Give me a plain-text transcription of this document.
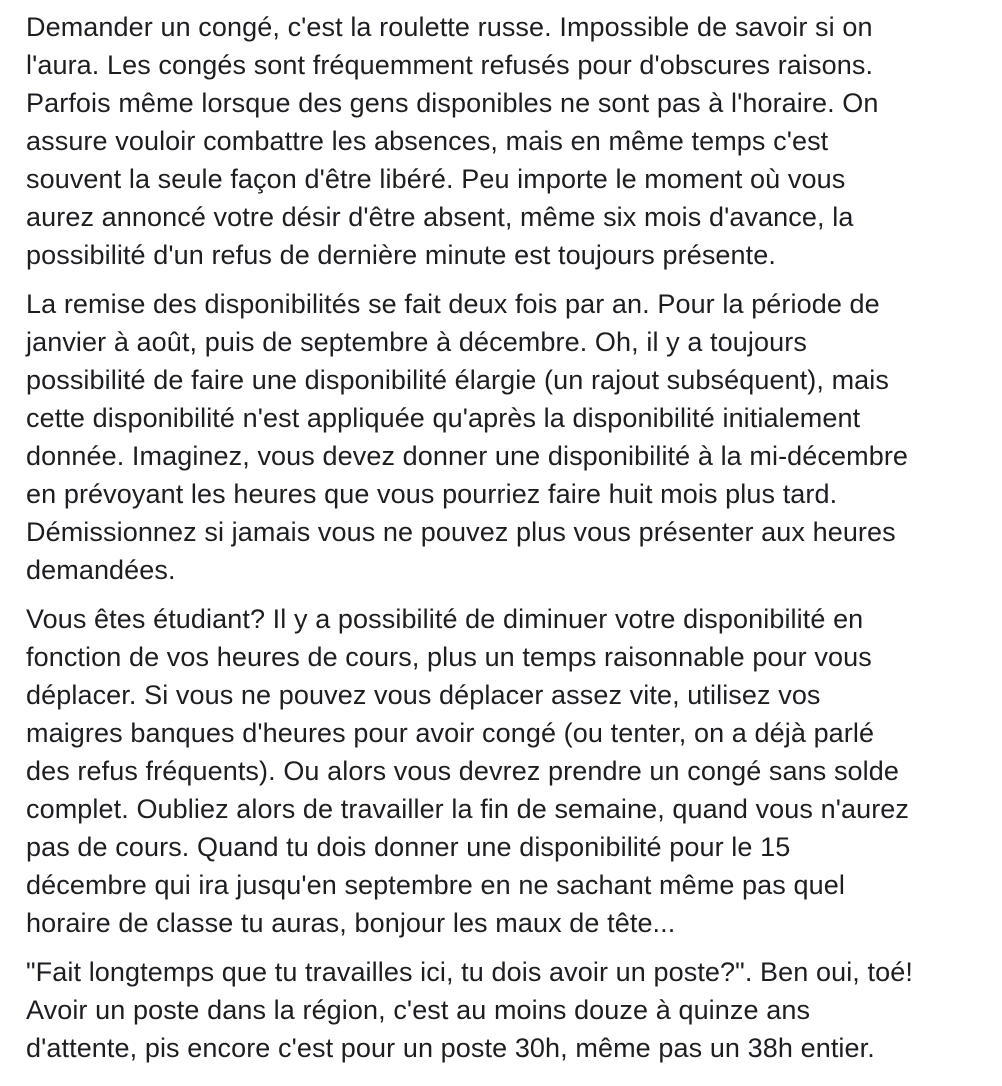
Demander un congé, c'est la roulette russe. Impossible de savoir si on
l'aura. Les congés sont fréquemment refusés pour d'obscures raisons.
Parfois même lorsque des gens disponibles ne sont pas à l'horaire. On
assure vouloir combattre les absences, mais en même temps c'est
souvent la seule façon d'être libéré. Peu importe le moment où vous
aurez annoncé votre désir d'être absent, même six mois d'avance, la
possibilité d'un refus de dernière minute est toujours présente.
La remise des disponibilités se fait deux fois par an. Pour la période de
janvier à août, puis de septembre à décembre. Oh, il y a toujours
possibilité de faire une disponibilité élargie (un rajout subséquent), mais
cette disponibilité n'est appliquée qu'après la disponibilité initialement
donnée. Imaginez, vous devez donner une disponibilité à la mi-décembre
en prévoyant les heures que vous pourriez faire huit mois plus tard.
Démissionnez si jamais vous ne pouvez plus vous présenter aux heures
demandées.
Vous êtes étudiant? Il y a possibilité de diminuer votre disponibilité en
fonction de vos heures de cours, plus un temps raisonnable pour vous
déplacer. Si vous ne pouvez vous déplacer assez vite, utilisez vos
maigres banques d'heures pour avoir congé (ou tenter, on a déjà parlé
des refus fréquents). Ou alors vous devrez prendre un congé sans solde
complet. Oubliez alors de travailler la fin de semaine, quand vous n'aurez
pas de cours. Quand tu dois donner une disponibilité pour le 15
décembre qui ira jusqu'en septembre en ne sachant même pas quel
horaire de classe tu auras, bonjour les maux de tête...
"Fait longtemps que tu travailles ici, tu dois avoir un poste?". Ben oui, toé!
Avoir un poste dans la région, c'est au moins douze à quinze ans
d'attente, pis encore c'est pour un poste 30h, même pas un 38h entier.
